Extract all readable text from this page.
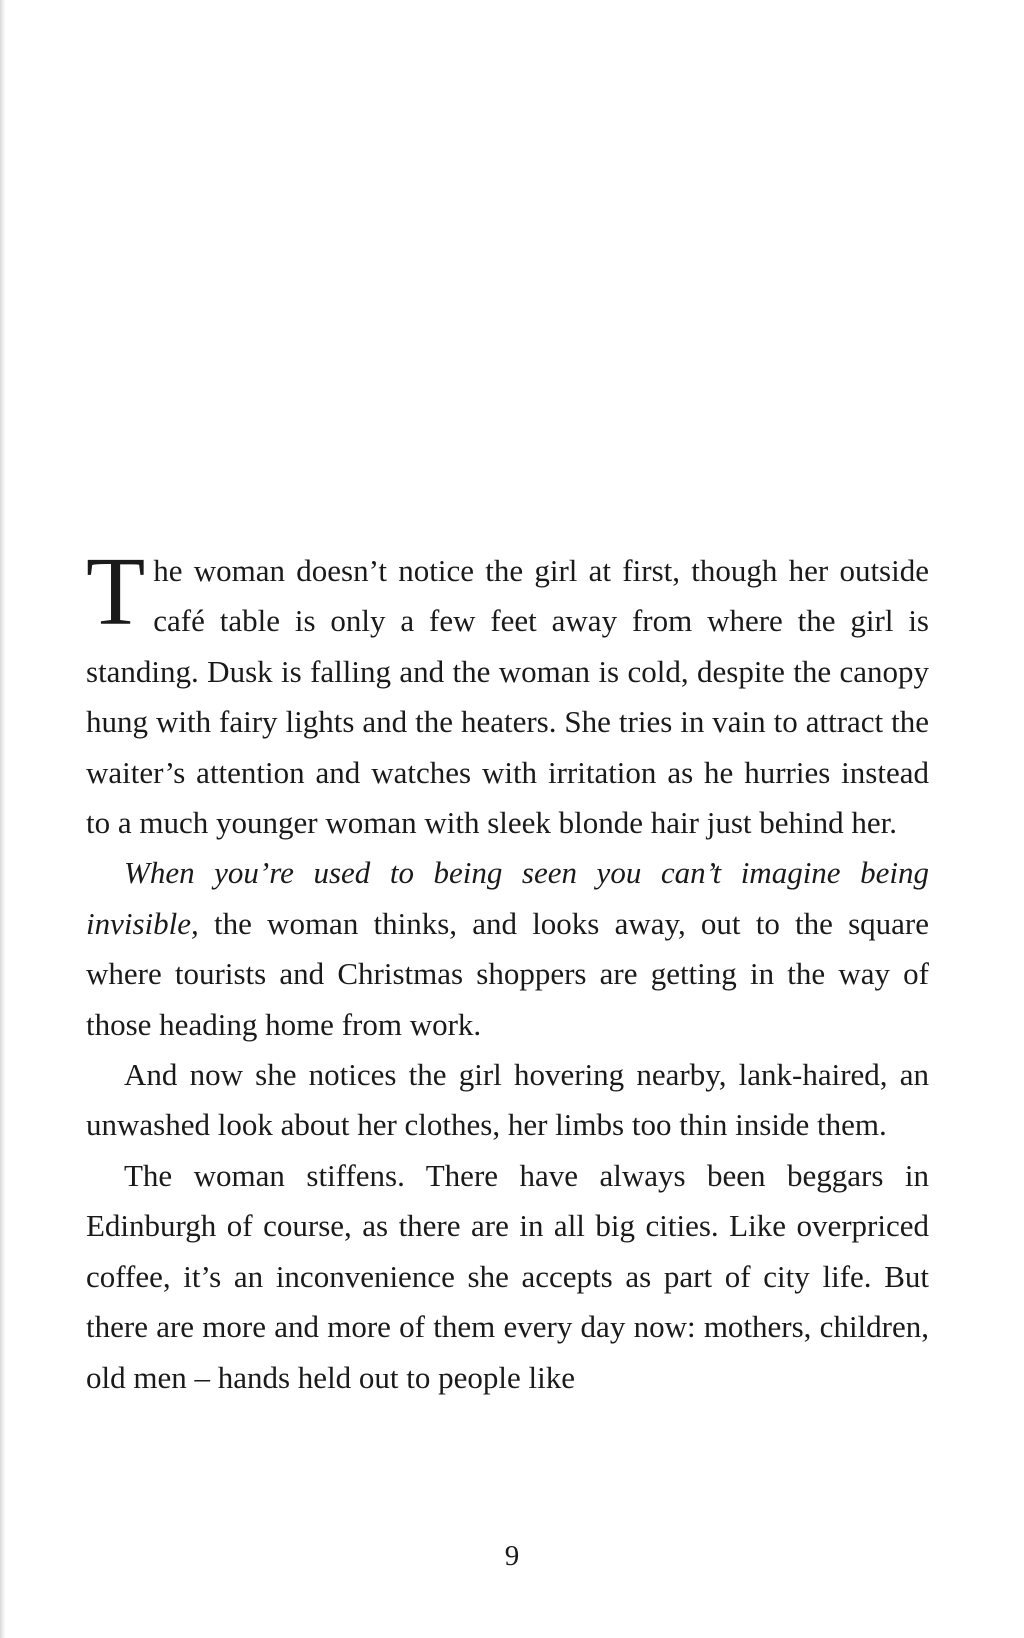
The woman doesn’t notice the girl at first, though her outside café table is only a few feet away from where the girl is standing. Dusk is falling and the woman is cold, despite the canopy hung with fairy lights and the heaters. She tries in vain to attract the waiter’s attention and watches with irritation as he hurries instead to a much younger woman with sleek blonde hair just behind her.

When you’re used to being seen you can’t imagine being invisible, the woman thinks, and looks away, out to the square where tourists and Christmas shoppers are getting in the way of those heading home from work.

And now she notices the girl hovering nearby, lank-haired, an unwashed look about her clothes, her limbs too thin inside them.

The woman stiffens. There have always been beggars in Edinburgh of course, as there are in all big cities. Like overpriced coffee, it’s an inconvenience she accepts as part of city life. But there are more and more of them every day now: mothers, children, old men – hands held out to people like

9
